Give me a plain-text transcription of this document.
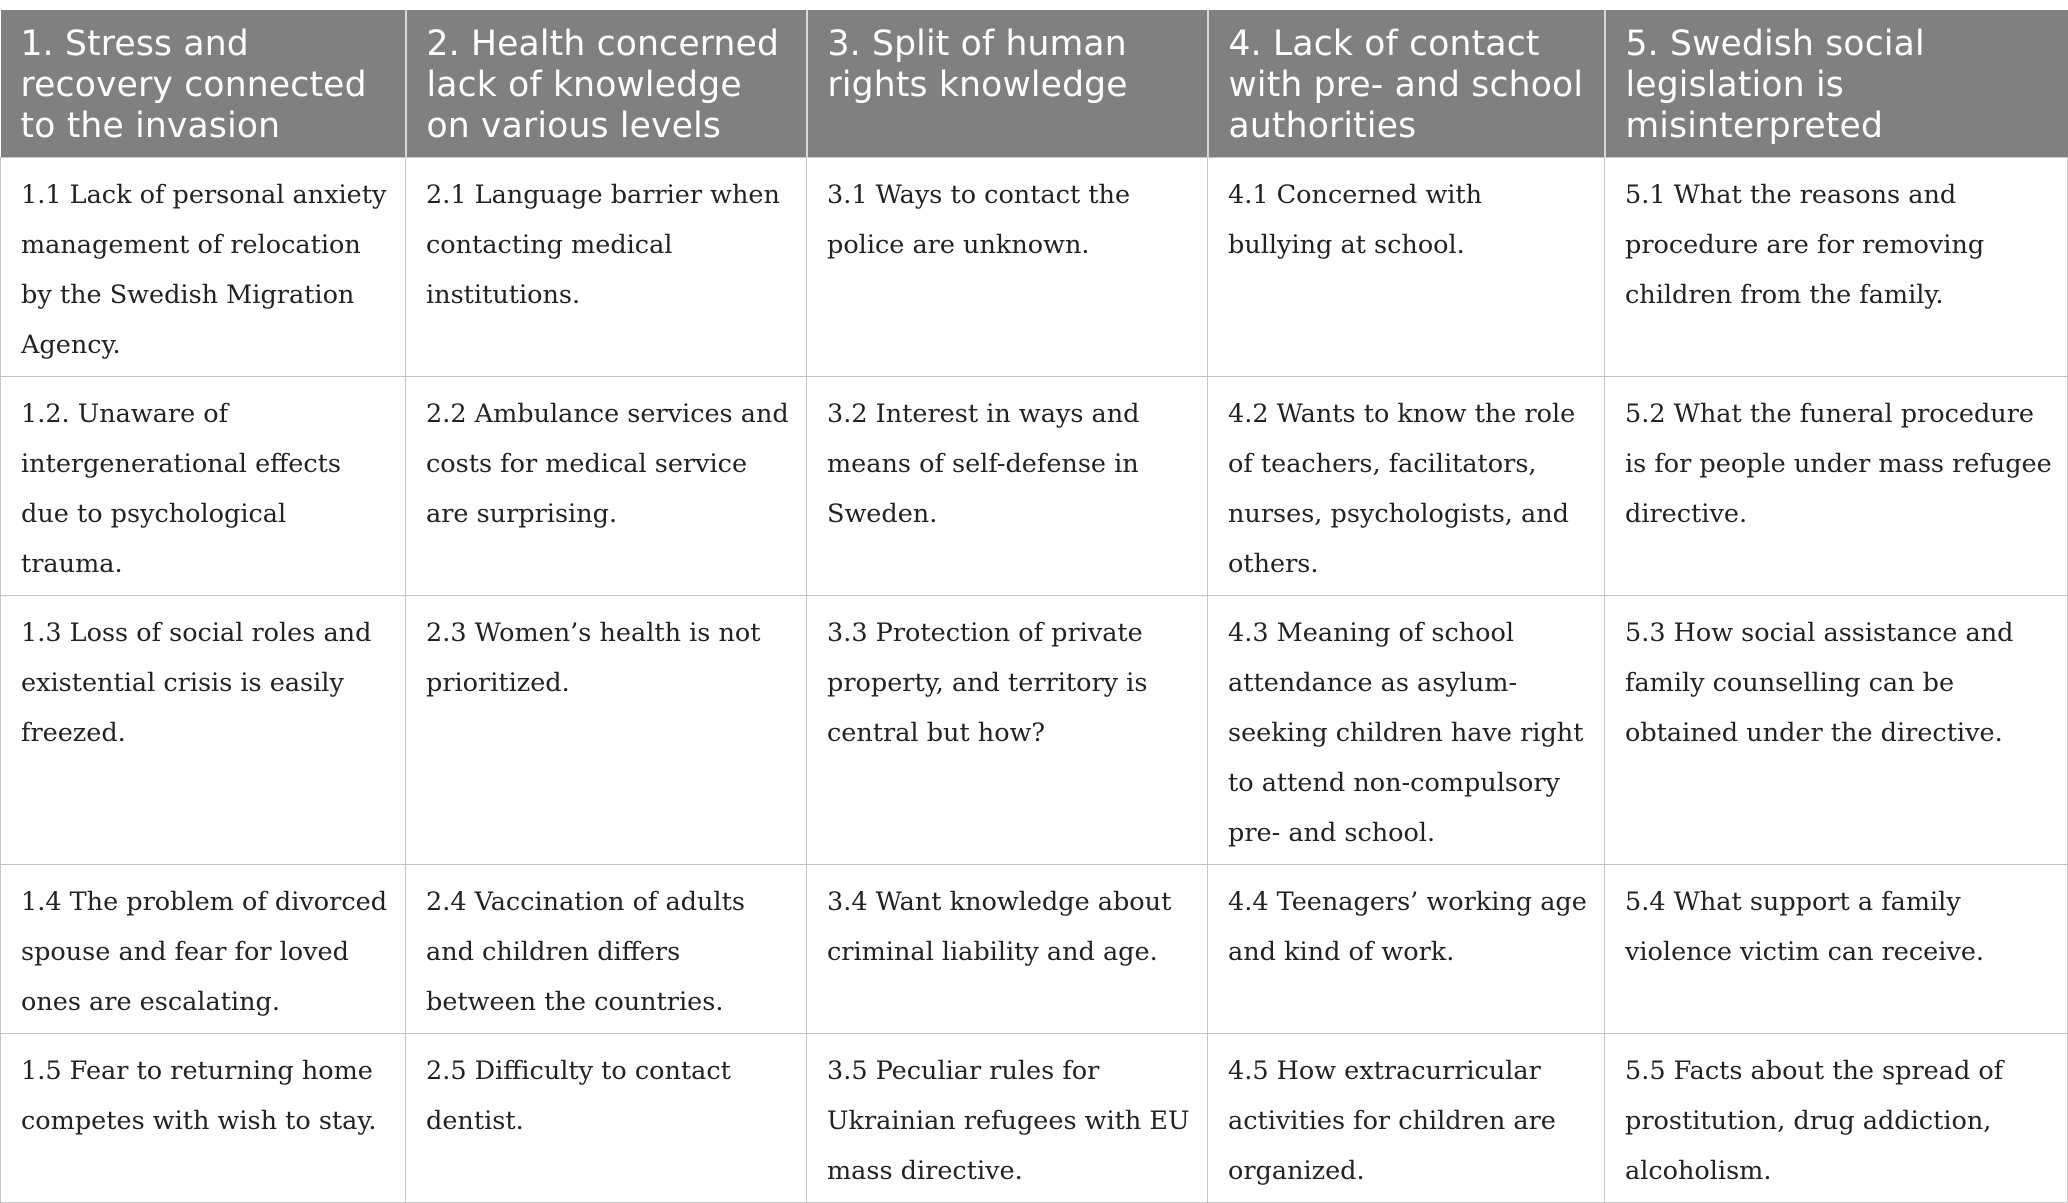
1. Stress and recovery connected to the invasion	2. Health concerned lack of knowledge on various levels	3. Split of human rights knowledge	4. Lack of contact with pre- and school authorities	5. Swedish social legislation is misinterpreted
1.1 Lack of personal anxiety management of relocation by the Swedish Migration Agency.	2.1 Language barrier when contacting medical institutions.	3.1 Ways to contact the police are unknown.	4.1 Concerned with bullying at school.	5.1 What the reasons and procedure are for removing children from the family.
1.2. Unaware of intergenerational effects due to psychological trauma.	2.2 Ambulance services and costs for medical service are surprising.	3.2 Interest in ways and means of self-defense in Sweden.	4.2 Wants to know the role of teachers, facilitators, nurses, psychologists, and others.	5.2 What the funeral procedure is for people under mass refugee directive.
1.3 Loss of social roles and existential crisis is easily freezed.	2.3 Women’s health is not prioritized.	3.3 Protection of private property, and territory is central but how?	4.3 Meaning of school attendance as asylum-seeking children have right to attend non-compulsory pre- and school.	5.3 How social assistance and family counselling can be obtained under the directive.
1.4 The problem of divorced spouse and fear for loved ones are escalating.	2.4 Vaccination of adults and children differs between the countries.	3.4 Want knowledge about criminal liability and age.	4.4 Teenagers’ working age and kind of work.	5.4 What support a family violence victim can receive.
1.5 Fear to returning home competes with wish to stay.	2.5 Difficulty to contact dentist.	3.5 Peculiar rules for Ukrainian refugees with EU mass directive.	4.5 How extracurricular activities for children are organized.	5.5 Facts about the spread of prostitution, drug addiction, alcoholism.
